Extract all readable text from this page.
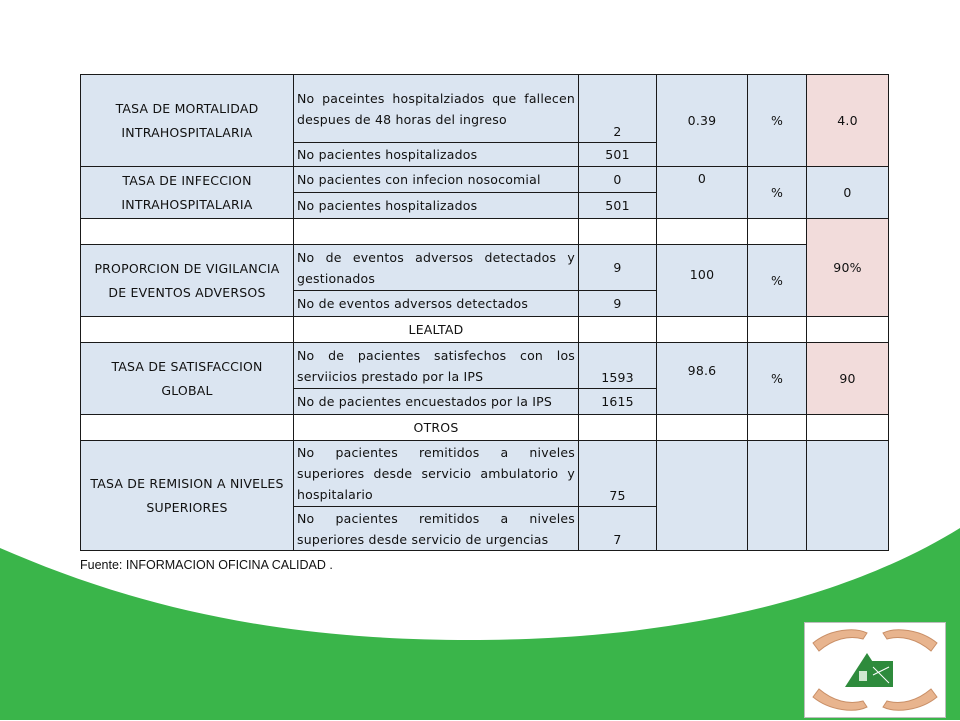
TASA DE MORTALIDAD INTRAHOSPITALARIA	No paceintes hospitalziados que fallecen despues de 48 horas del ingreso	2	0.39	%	4.0
	No pacientes hospitalizados	501			
TASA DE INFECCION INTRAHOSPITALARIA	No pacientes con infecion nosocomial	0	0	%	0
	No pacientes hospitalizados	501			
					90%
PROPORCION DE VIGILANCIA DE EVENTOS ADVERSOS	No de eventos adversos detectados y gestionados	9	100	%	
	No de eventos adversos detectados	9			
	LEALTAD				
TASA DE SATISFACCION GLOBAL	No de pacientes satisfechos con los serviicios prestado por la IPS	1593	98.6	%	90
	No de pacientes encuestados por la IPS	1615			
	OTROS				
TASA DE REMISION A NIVELES SUPERIORES	No pacientes remitidos a niveles superiores desde servicio ambulatorio y hospitalario	75			
	No pacientes remitidos a niveles superiores desde servicio de urgencias	7			
Fuente: INFORMACION OFICINA CALIDAD .
